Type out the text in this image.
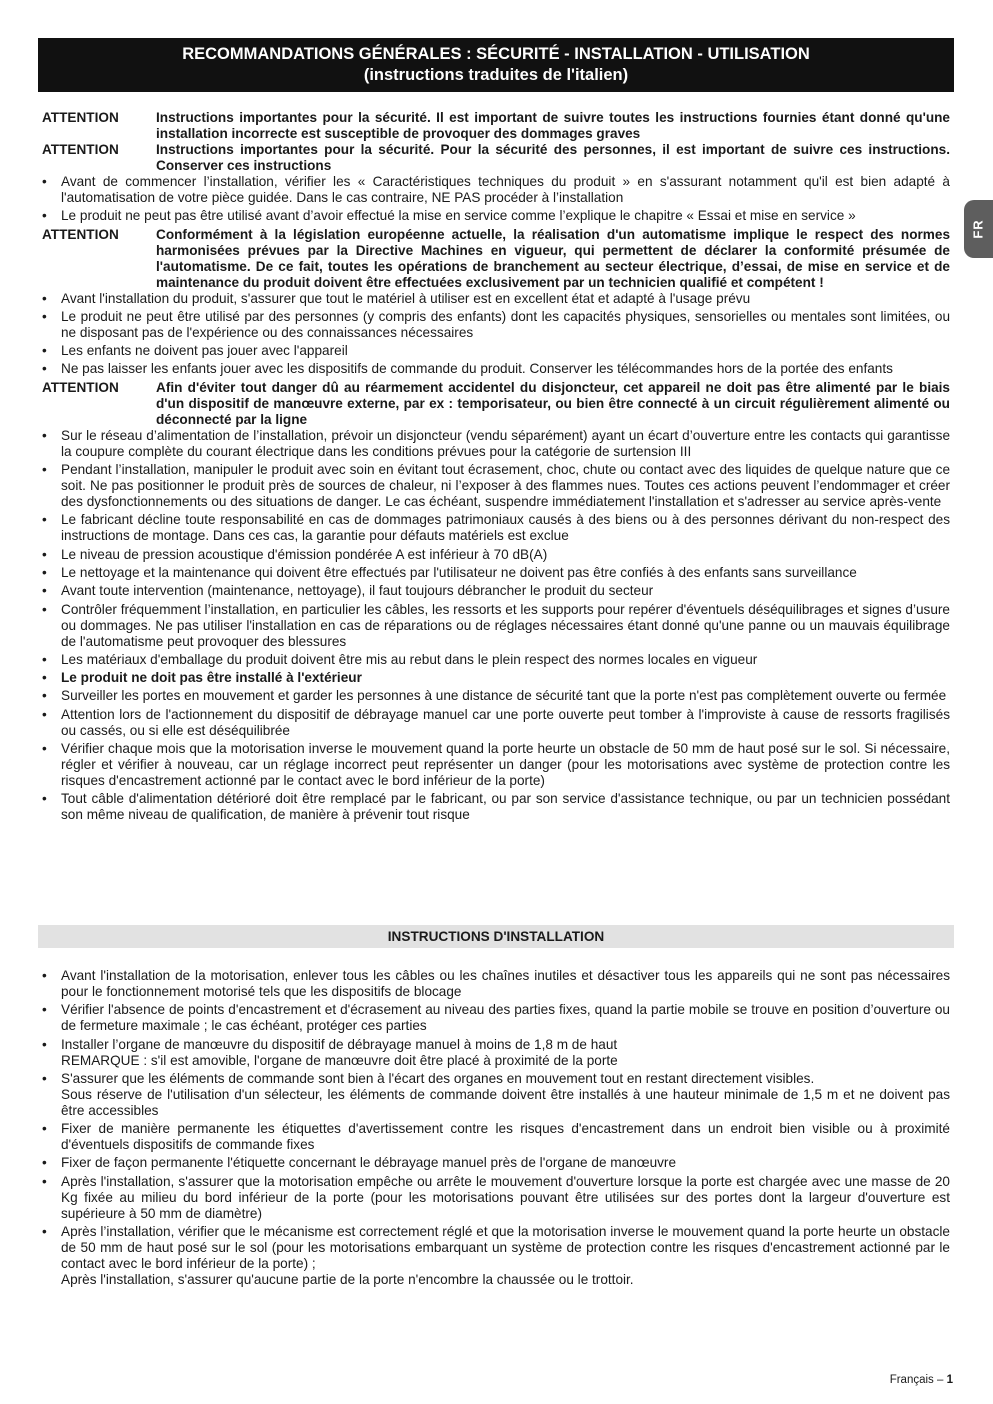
RECOMMANDATIONS GÉNÉRALES : SÉCURITÉ - INSTALLATION - UTILISATION
(instructions traduites de l'italien)
FR
ATTENTION	Instructions importantes pour la sécurité. Il est important de suivre toutes les instructions fournies étant donné qu'une installation incorrecte est susceptible de provoquer des dommages graves
ATTENTION	Instructions importantes pour la sécurité. Pour la sécurité des personnes, il est important de suivre ces instructions. Conserver ces instructions
•	Avant de commencer l’installation, vérifier les « Caractéristiques techniques du produit » en s'assurant notamment qu'il est bien adapté à l'automatisation de votre pièce guidée. Dans le cas contraire, NE PAS procéder à l’installation
•	Le produit ne peut pas être utilisé avant d’avoir effectué la mise en service comme l’explique le chapitre « Essai et mise en service »
ATTENTION	Conformément à la législation européenne actuelle, la réalisation d'un automatisme implique le respect des normes harmonisées prévues par la Directive Machines en vigueur, qui permettent de déclarer la conformité présumée de l'automatisme. De ce fait, toutes les opérations de branchement au secteur électrique, d’essai, de mise en service et de maintenance du produit doivent être effectuées exclusivement par un technicien qualifié et compétent !
•	Avant l'installation du produit, s'assurer que tout le matériel à utiliser est en excellent état et adapté à l'usage prévu
•	Le produit ne peut être utilisé par des personnes (y compris des enfants) dont les capacités physiques, sensorielles ou mentales sont limitées, ou ne disposant pas de l'expérience ou des connaissances nécessaires
•	Les enfants ne doivent pas jouer avec l'appareil
•	Ne pas laisser les enfants jouer avec les dispositifs de commande du produit. Conserver les télécommandes hors de la portée des enfants
ATTENTION	Afin d'éviter tout danger dû au réarmement accidentel du disjoncteur, cet appareil ne doit pas être alimenté par le biais d'un dispositif de manœuvre externe, par ex : temporisateur, ou bien être connecté à un circuit régulièrement alimenté ou déconnecté par la ligne
•	Sur le réseau d’alimentation de l’installation, prévoir un disjoncteur (vendu séparément) ayant un écart d’ouverture entre les contacts qui garantisse la coupure complète du courant électrique dans les conditions prévues pour la catégorie de surtension III
•	Pendant l’installation, manipuler le produit avec soin en évitant tout écrasement, choc, chute ou contact avec des liquides de quelque nature que ce soit. Ne pas positionner le produit près de sources de chaleur, ni l’exposer à des flammes nues. Toutes ces actions peuvent l’endommager et créer des dysfonctionnements ou des situations de danger. Le cas échéant, suspendre immédiatement l'installation et s'adresser au service après-vente
•	Le fabricant décline toute responsabilité en cas de dommages patrimoniaux causés à des biens ou à des personnes dérivant du non-respect des instructions de montage. Dans ces cas, la garantie pour défauts matériels est exclue
•	Le niveau de pression acoustique d'émission pondérée A est inférieur à 70 dB(A)
•	Le nettoyage et la maintenance qui doivent être effectués par l'utilisateur ne doivent pas être confiés à des enfants sans surveillance
•	Avant toute intervention (maintenance, nettoyage), il faut toujours débrancher le produit du secteur
•	Contrôler fréquemment l’installation, en particulier les câbles, les ressorts et les supports pour repérer d'éventuels déséquilibrages et signes d’usure ou dommages. Ne pas utiliser l'installation en cas de réparations ou de réglages nécessaires étant donné qu'une panne ou un mauvais équilibrage de l'automatisme peut provoquer des blessures
•	Les matériaux d'emballage du produit doivent être mis au rebut dans le plein respect des normes locales en vigueur
•	Le produit ne doit pas être installé à l'extérieur
•	Surveiller les portes en mouvement et garder les personnes à une distance de sécurité tant que la porte n'est pas complètement ouverte ou fermée
•	Attention lors de l'actionnement du dispositif de débrayage manuel car une porte ouverte peut tomber à l'improviste à cause de ressorts fragilisés ou cassés, ou si elle est déséquilibrée
•	Vérifier chaque mois que la motorisation inverse le mouvement quand la porte heurte un obstacle de 50 mm de haut posé sur le sol. Si nécessaire, régler et vérifier à nouveau, car un réglage incorrect peut représenter un danger (pour les motorisations avec système de protection contre les risques d'encastrement actionné par le contact avec le bord inférieur de la porte)
•	Tout câble d'alimentation détérioré doit être remplacé par le fabricant, ou par son service d'assistance technique, ou par un technicien possédant son même niveau de qualification, de manière à prévenir tout risque
INSTRUCTIONS D'INSTALLATION
•	Avant l'installation de la motorisation, enlever tous les câbles ou les chaînes inutiles et désactiver tous les appareils qui ne sont pas nécessaires pour le fonctionnement motorisé tels que les dispositifs de blocage
•	Vérifier l'absence de points d'encastrement et d'écrasement au niveau des parties fixes, quand la partie mobile se trouve en position d’ouverture ou de fermeture maximale ; le cas échéant, protéger ces parties
•	Installer l’organe de manœuvre du dispositif de débrayage manuel à moins de 1,8 m de haut
REMARQUE : s'il est amovible, l'organe de manœuvre doit être placé à proximité de la porte
•	S'assurer que les éléments de commande sont bien à l'écart des organes en mouvement tout en restant directement visibles.
Sous réserve de l'utilisation d'un sélecteur, les éléments de commande doivent être installés à une hauteur minimale de 1,5 m et ne doivent pas être accessibles
•	Fixer de manière permanente les étiquettes d'avertissement contre les risques d'encastrement dans un endroit bien visible ou à proximité d'éventuels dispositifs de commande fixes
•	Fixer de façon permanente l'étiquette concernant le débrayage manuel près de l'organe de manœuvre
•	Après l'installation, s'assurer que la motorisation empêche ou arrête le mouvement d'ouverture lorsque la porte est chargée avec une masse de 20 Kg fixée au milieu du bord inférieur de la porte (pour les motorisations pouvant être utilisées sur des portes dont la largeur d'ouverture est supérieure à 50 mm de diamètre)
•	Après l’installation, vérifier que le mécanisme est correctement réglé et que la motorisation inverse le mouvement quand la porte heurte un obstacle de 50 mm de haut posé sur le sol (pour les motorisations embarquant un système de protection contre les risques d'encastrement actionné par le contact avec le bord inférieur de la porte) ;
Après l'installation, s'assurer qu'aucune partie de la porte n'encombre la chaussée ou le trottoir.
Français – 1
